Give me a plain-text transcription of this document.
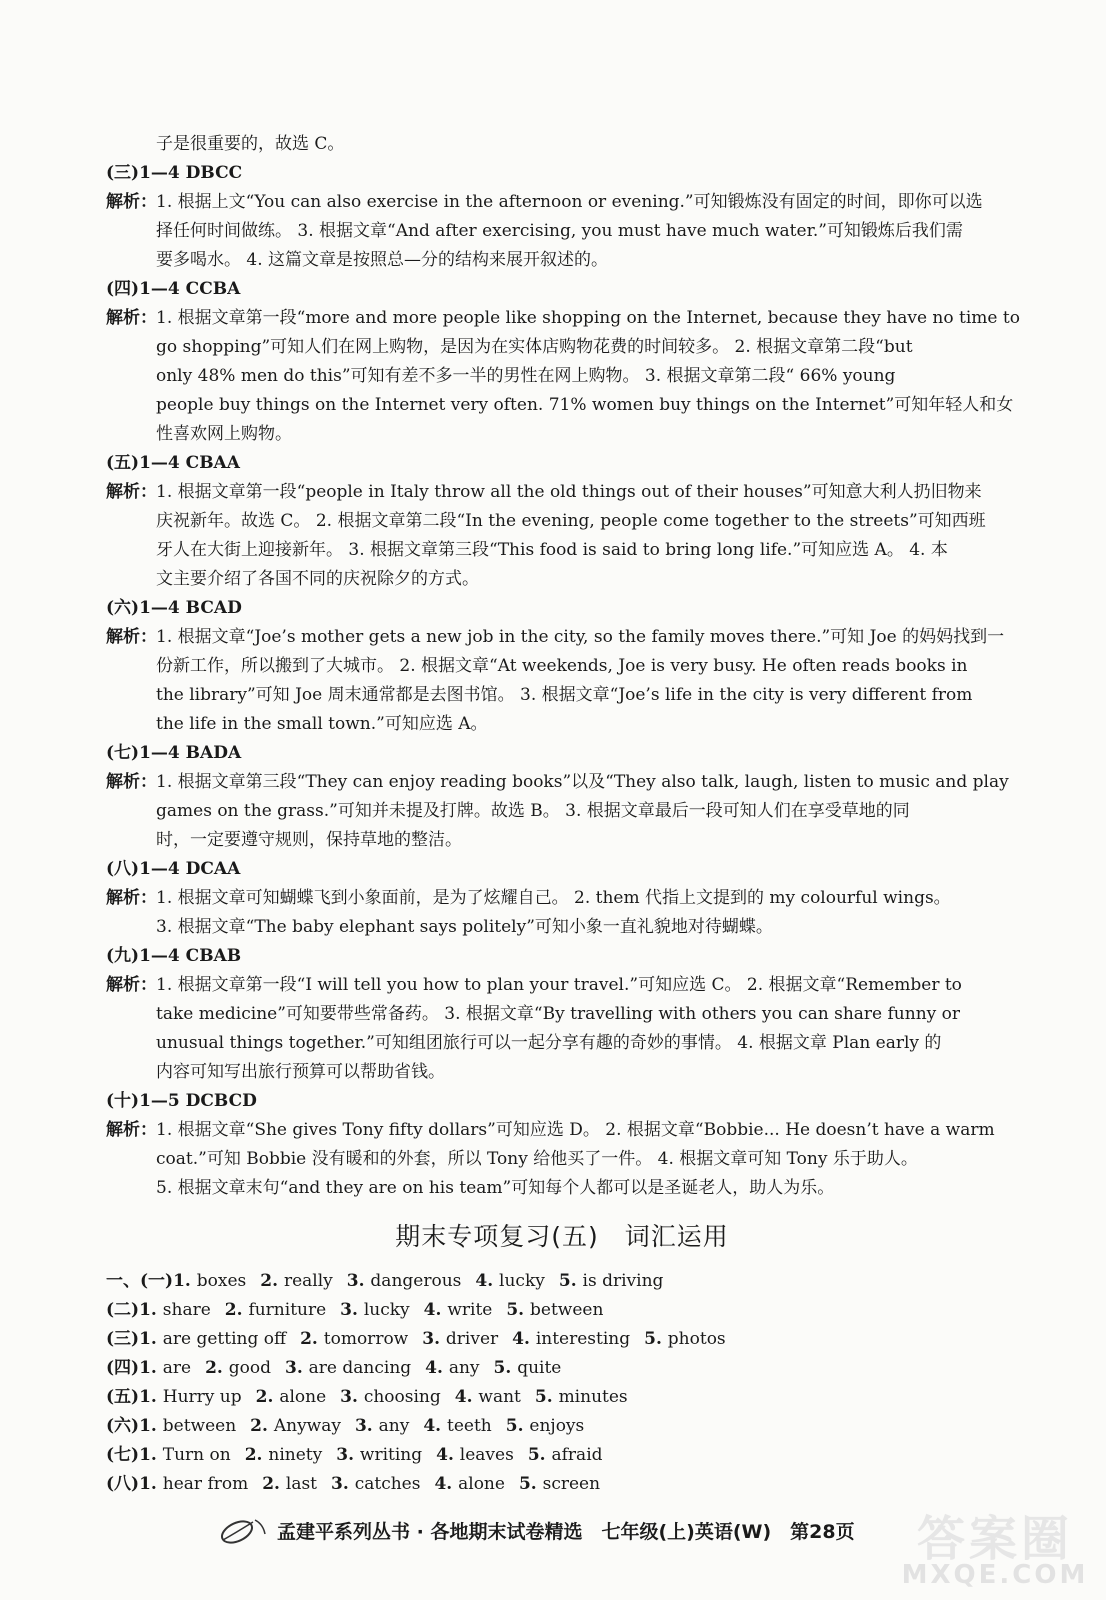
子是很重要的，故选 C。
(三)1—4 DBCC
解析：1. 根据上文“You can also exercise in the afternoon or evening.”可知锻炼没有固定的时间，即你可以选
择任何时间做练。 3. 根据文章“And after exercising, you must have much water.”可知锻炼后我们需
要多喝水。 4. 这篇文章是按照总—分的结构来展开叙述的。
(四)1—4 CCBA
解析：1. 根据文章第一段“more and more people like shopping on the Internet, because they have no time to
go shopping”可知人们在网上购物，是因为在实体店购物花费的时间较多。 2. 根据文章第二段“but
only 48% men do this”可知有差不多一半的男性在网上购物。 3. 根据文章第二段“ 66% young
people buy things on the Internet very often. 71% women buy things on the Internet”可知年轻人和女
性喜欢网上购物。
(五)1—4 CBAA
解析：1. 根据文章第一段“people in Italy throw all the old things out of their houses”可知意大利人扔旧物来
庆祝新年。故选 C。 2. 根据文章第二段“In the evening, people come together to the streets”可知西班
牙人在大街上迎接新年。 3. 根据文章第三段“This food is said to bring long life.”可知应选 A。 4. 本
文主要介绍了各国不同的庆祝除夕的方式。
(六)1—4 BCAD
解析：1. 根据文章“Joe’s mother gets a new job in the city, so the family moves there.”可知 Joe 的妈妈找到一
份新工作，所以搬到了大城市。 2. 根据文章“At weekends, Joe is very busy. He often reads books in
the library”可知 Joe 周末通常都是去图书馆。 3. 根据文章“Joe’s life in the city is very different from
the life in the small town.”可知应选 A。
(七)1—4 BADA
解析：1. 根据文章第三段“They can enjoy reading books”以及“They also talk, laugh, listen to music and play
games on the grass.”可知并未提及打牌。故选 B。 3. 根据文章最后一段可知人们在享受草地的同
时，一定要遵守规则，保持草地的整洁。
(八)1—4 DCAA
解析：1. 根据文章可知蝴蝶飞到小象面前，是为了炫耀自己。 2. them 代指上文提到的 my colourful wings。
3. 根据文章“The baby elephant says politely”可知小象一直礼貌地对待蝴蝶。
(九)1—4 CBAB
解析：1. 根据文章第一段“I will tell you how to plan your travel.”可知应选 C。 2. 根据文章“Remember to
take medicine”可知要带些常备药。 3. 根据文章“By travelling with others you can share funny or
unusual things together.”可知组团旅行可以一起分享有趣的奇妙的事情。 4. 根据文章 Plan early 的
内容可知写出旅行预算可以帮助省钱。
(十)1—5 DCBCD
解析：1. 根据文章“She gives Tony fifty dollars”可知应选 D。 2. 根据文章“Bobbie... He doesn’t have a warm
coat.”可知 Bobbie 没有暖和的外套，所以 Tony 给他买了一件。 4. 根据文章可知 Tony 乐于助人。
5. 根据文章末句“and they are on his team”可知每个人都可以是圣诞老人，助人为乐。
期末专项复习(五)　词汇运用
一、(一)1. boxes 2. really 3. dangerous 4. lucky 5. is driving
(二)1. share 2. furniture 3. lucky 4. write 5. between
(三)1. are getting off 2. tomorrow 3. driver 4. interesting 5. photos
(四)1. are 2. good 3. are dancing 4. any 5. quite
(五)1. Hurry up 2. alone 3. choosing 4. want 5. minutes
(六)1. between 2. Anyway 3. any 4. teeth 5. enjoys
(七)1. Turn on 2. ninety 3. writing 4. leaves 5. afraid
(八)1. hear from 2. last 3. catches 4. alone 5. screen
孟建平系列丛书 · 各地期末试卷精选　七年级(上)英语(W)　第28页	答案圈
MXQE.COM
